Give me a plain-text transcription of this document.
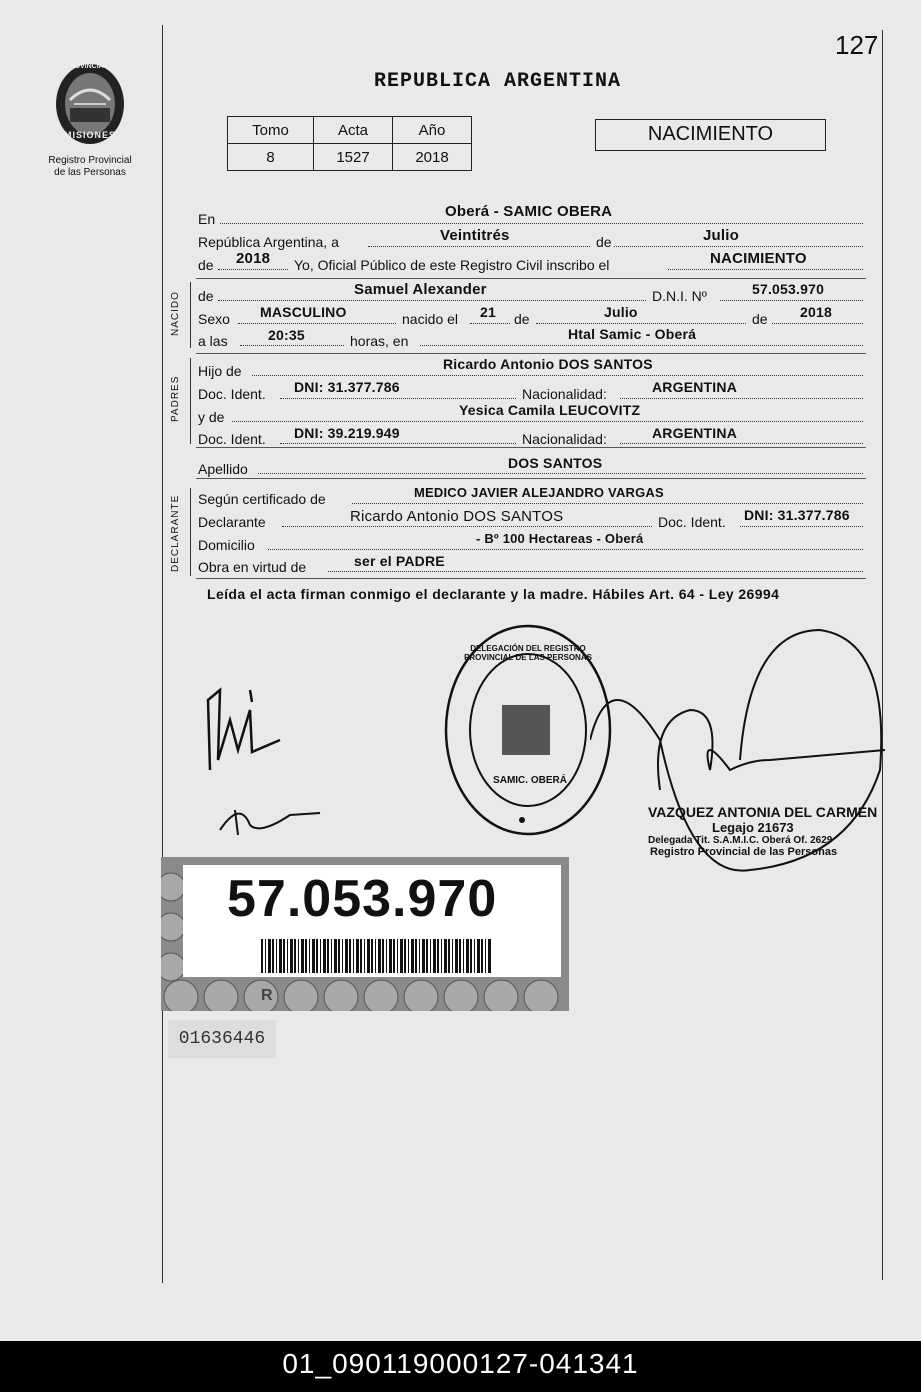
127
PROVINCIA DE
MISIONES
Registro Provincial
de las Personas
REPUBLICA ARGENTINA
Tomo	Acta	Año
8	1527	2018
NACIMIENTO
NACIDO
PADRES
DECLARANTE
En	Oberá - SAMIC OBERA
República Argentina, a	Veintitrés	de	Julio
de 2018 Yo, Oficial Público de este Registro Civil inscribo el	NACIMIENTO
de	Samuel Alexander	D.N.I. Nº	57.053.970
Sexo MASCULINO	nacido el 21 de	Julio	de 2018
a las	20:35	horas, en	Htal Samic - Oberá
Hijo de	Ricardo Antonio DOS SANTOS
Doc. Ident. DNI: 31.377.786	Nacionalidad:	ARGENTINA
y de	Yesica Camila LEUCOVITZ
Doc. Ident. DNI: 39.219.949	Nacionalidad:	ARGENTINA
Apellido	DOS SANTOS
Según certificado de	MEDICO JAVIER ALEJANDRO VARGAS
Declarante	Ricardo Antonio DOS SANTOS	Doc. Ident. DNI: 31.377.786
Domicilio	- Bº 100 Hectareas - Oberá
Obra en virtud de	ser el PADRE
Leída el acta firman conmigo el declarante y la madre. Hábiles Art. 64 - Ley 26994
DELEGACIÓN DEL REGISTRO PROVINCIAL DE LAS PERSONAS
SAMIC. OBERÁ
VAZQUEZ ANTONIA DEL CARMEN
Legajo 21673
Delegada Tit. S.A.M.I.C. Oberá Of. 2629
Registro Provincial de las Personas
57.053.970
R
01636446
01_090119000127-041341
